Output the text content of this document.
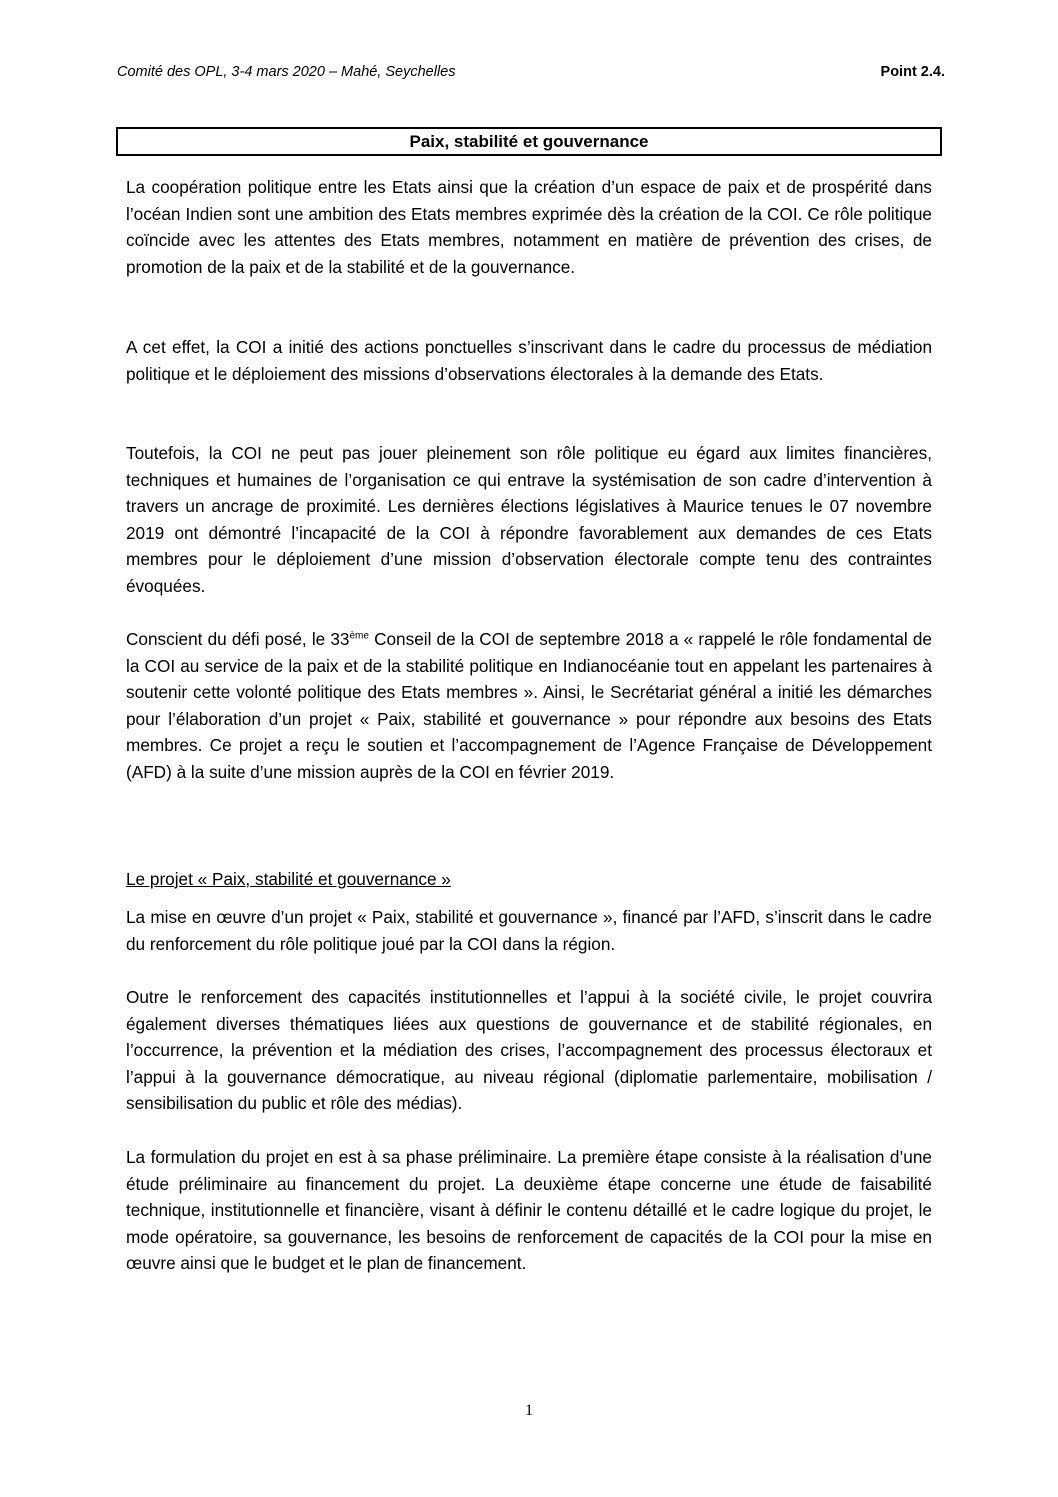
Comité des OPL, 3-4 mars 2020 – Mahé, Seychelles	Point 2.4.
Paix, stabilité et gouvernance

La coopération politique entre les Etats ainsi que la création d’un espace de paix et de prospérité dans l’océan Indien sont une ambition des Etats membres exprimée dès la création de la COI. Ce rôle politique coïncide avec les attentes des Etats membres, notamment en matière de prévention des crises, de promotion de la paix et de la stabilité et de la gouvernance.

A cet effet, la COI a initié des actions ponctuelles s’inscrivant dans le cadre du processus de médiation politique et le déploiement des missions d’observations électorales à la demande des Etats.

Toutefois, la COI ne peut pas jouer pleinement son rôle politique eu égard aux limites financières, techniques et humaines de l’organisation ce qui entrave la systémisation de son cadre d’intervention à travers un ancrage de proximité. Les dernières élections législatives à Maurice tenues le 07 novembre 2019 ont démontré l’incapacité de la COI à répondre favorablement aux demandes de ces Etats membres pour le déploiement d’une mission d’observation électorale compte tenu des contraintes évoquées.

Conscient du défi posé, le 33ème Conseil de la COI de septembre 2018 a « rappelé le rôle fondamental de la COI au service de la paix et de la stabilité politique en Indianocéanie tout en appelant les partenaires à soutenir cette volonté politique des Etats membres ». Ainsi, le Secrétariat général a initié les démarches pour l’élaboration d’un projet « Paix, stabilité et gouvernance » pour répondre aux besoins des Etats membres. Ce projet a reçu le soutien et l’accompagnement de l’Agence Française de Développement (AFD) à la suite d’une mission auprès de la COI en février 2019.

Le projet « Paix, stabilité et gouvernance »

La mise en œuvre d’un projet « Paix, stabilité et gouvernance », financé par l’AFD, s’inscrit dans le cadre du renforcement du rôle politique joué par la COI dans la région.

Outre le renforcement des capacités institutionnelles et l’appui à la société civile, le projet couvrira également diverses thématiques liées aux questions de gouvernance et de stabilité régionales, en l’occurrence, la prévention et la médiation des crises, l’accompagnement des processus électoraux et l’appui à la gouvernance démocratique, au niveau régional (diplomatie parlementaire, mobilisation / sensibilisation du public et rôle des médias).

La formulation du projet en est à sa phase préliminaire. La première étape consiste à la réalisation d’une étude préliminaire au financement du projet. La deuxième étape concerne une étude de faisabilité technique, institutionnelle et financière, visant à définir le contenu détaillé et le cadre logique du projet, le mode opératoire, sa gouvernance, les besoins de renforcement de capacités de la COI pour la mise en œuvre ainsi que le budget et le plan de financement.

1
